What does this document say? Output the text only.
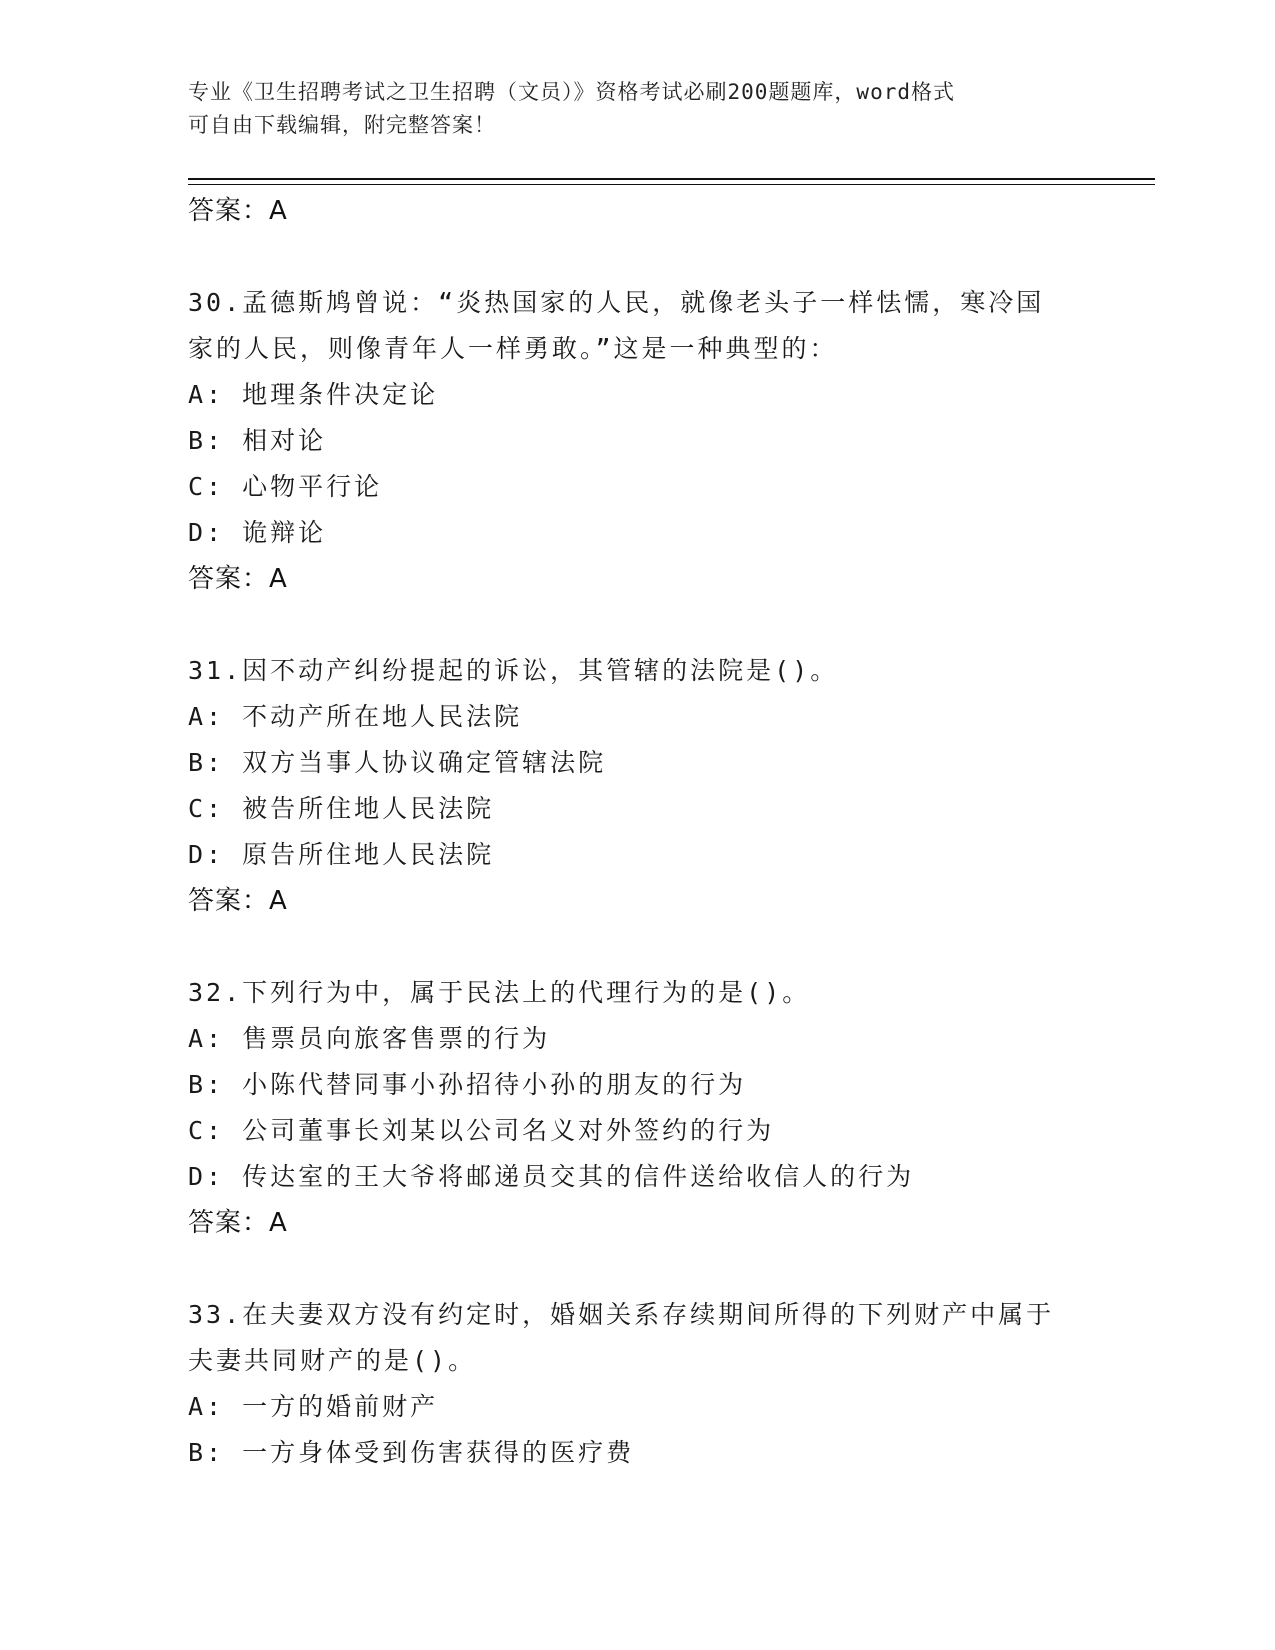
专业《卫生招聘考试之卫生招聘（文员）》资格考试必刷200题题库，word格式
可自由下载编辑，附完整答案！
答案：A
30.孟德斯鸠曾说：“炎热国家的人民，就像老头子一样怯懦，寒冷国
家的人民，则像青年人一样勇敢。”这是一种典型的：
A: 地理条件决定论
B: 相对论
C: 心物平行论
D: 诡辩论
答案：A
31.因不动产纠纷提起的诉讼，其管辖的法院是()。
A: 不动产所在地人民法院
B: 双方当事人协议确定管辖法院
C: 被告所住地人民法院
D: 原告所住地人民法院
答案：A
32.下列行为中，属于民法上的代理行为的是()。
A: 售票员向旅客售票的行为
B: 小陈代替同事小孙招待小孙的朋友的行为
C: 公司董事长刘某以公司名义对外签约的行为
D: 传达室的王大爷将邮递员交其的信件送给收信人的行为
答案：A
33.在夫妻双方没有约定时，婚姻关系存续期间所得的下列财产中属于
夫妻共同财产的是()。
A: 一方的婚前财产
B: 一方身体受到伤害获得的医疗费
